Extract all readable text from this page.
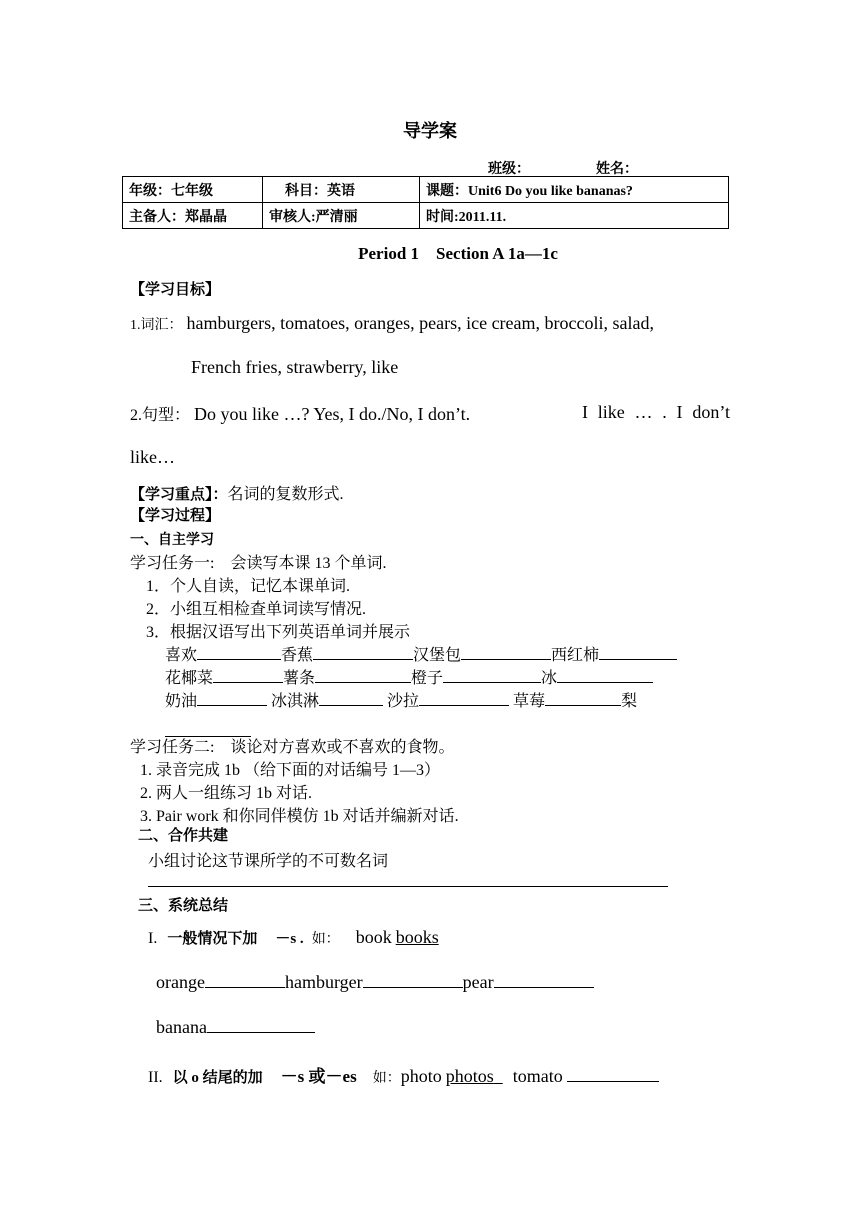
导学案
班级：	姓名：
年级：七年级	科目：英语	课题：Unit6 Do you like bananas?
主备人：郑晶晶	审核人:严清丽	时间:2011.11.
Period 1    Section A 1a—1c
【学习目标】
1.词汇： hamburgers, tomatoes, oranges, pears, ice cream, broccoli, salad,
French fries, strawberry, like
2.句型： Do you like …? Yes, I do./No, I don’t.	I like … . I don’t
like…
【学习重点】：名词的复数形式.
【学习过程】
一、自主学习
学习任务一:    会读写本课 13 个单词.
1．个人自读，记忆本课单词.
2．小组互相检查单词读写情况.
3．根据汉语写出下列英语单词并展示
喜欢	香蕉	汉堡包	西红柿
花椰菜	薯条	橙子	冰
奶油	冰淇淋	沙拉	草莓	梨
学习任务二:    谈论对方喜欢或不喜欢的食物。
1. 录音完成 1b （给下面的对话编号 1—3）
2. 两人一组练习 1b 对话.
3. Pair work 和你同伴模仿 1b 对话并编新对话.
二、合作共建
小组讨论这节课所学的不可数名词
三、系统总结
I. 一般情况下加 －s . 如： book books
orange	hamburger	pear
banana
II. 以 o 结尾的加 －s 或－es 如：photo photos tomato
